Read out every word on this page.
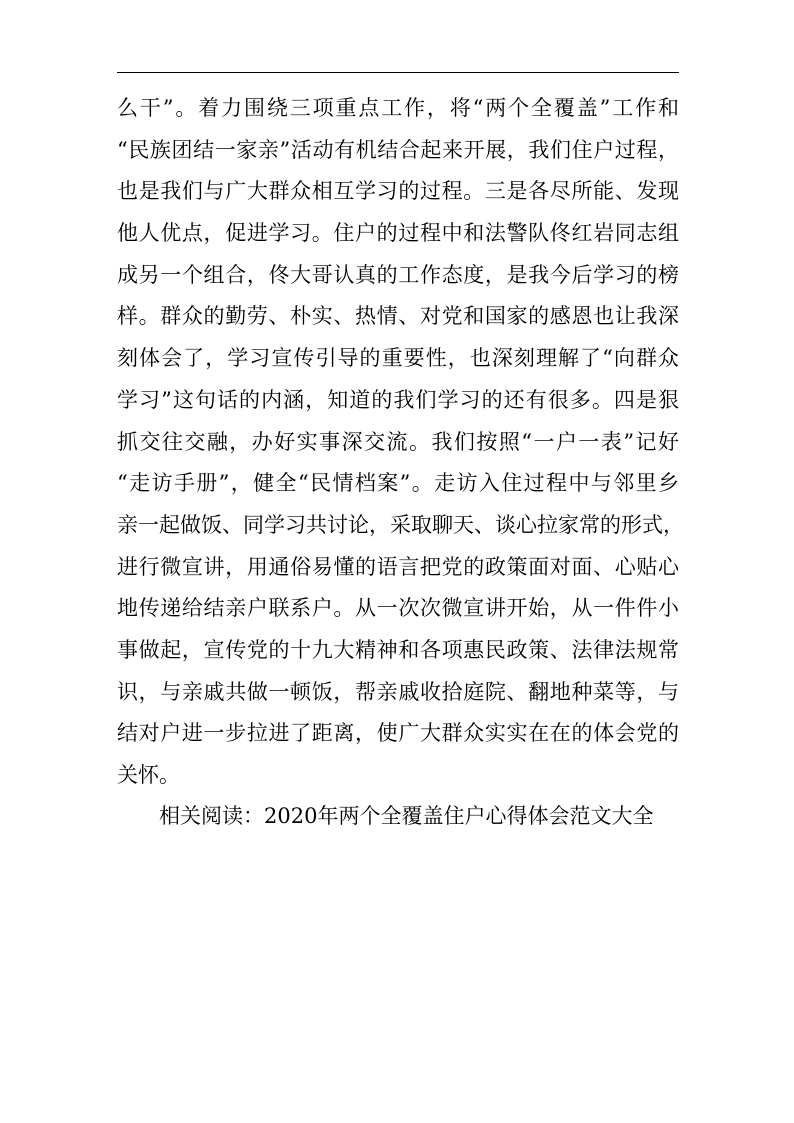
么干”。着力围绕三项重点工作，将“两个全覆盖”工作和
“民族团结一家亲”活动有机结合起来开展，我们住户过程，
也是我们与广大群众相互学习的过程。三是各尽所能、发现
他人优点，促进学习。住户的过程中和法警队佟红岩同志组
成另一个组合，佟大哥认真的工作态度，是我今后学习的榜
样。群众的勤劳、朴实、热情、对党和国家的感恩也让我深
刻体会了，学习宣传引导的重要性，也深刻理解了“向群众
学习”这句话的内涵，知道的我们学习的还有很多。四是狠
抓交往交融，办好实事深交流。我们按照“一户一表”记好
“走访手册”，健全“民情档案”。走访入住过程中与邻里乡
亲一起做饭、同学习共讨论，采取聊天、谈心拉家常的形式，
进行微宣讲，用通俗易懂的语言把党的政策面对面、心贴心
地传递给结亲户联系户。从一次次微宣讲开始，从一件件小
事做起，宣传党的十九大精神和各项惠民政策、法律法规常
识，与亲戚共做一顿饭，帮亲戚收拾庭院、翻地种菜等，与
结对户进一步拉进了距离，使广大群众实实在在的体会党的
关怀。
相关阅读：2020年两个全覆盖住户心得体会范文大全
